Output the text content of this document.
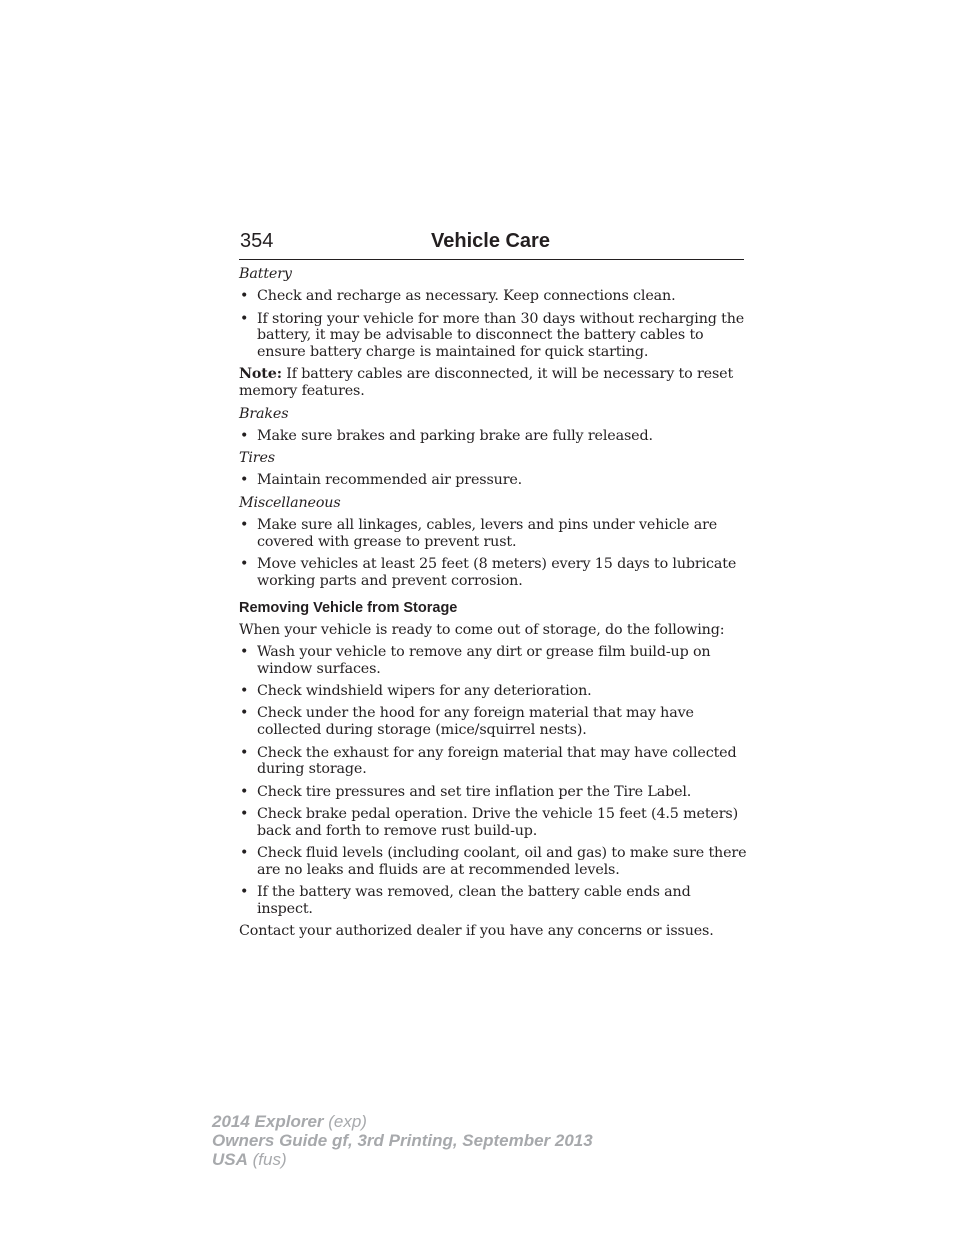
354	Vehicle Care

Battery

• Check and recharge as necessary. Keep connections clean.
• If storing your vehicle for more than 30 days without recharging the battery, it may be advisable to disconnect the battery cables to ensure battery charge is maintained for quick starting.

Note: If battery cables are disconnected, it will be necessary to reset memory features.

Brakes

• Make sure brakes and parking brake are fully released.

Tires

• Maintain recommended air pressure.

Miscellaneous

• Make sure all linkages, cables, levers and pins under vehicle are covered with grease to prevent rust.
• Move vehicles at least 25 feet (8 meters) every 15 days to lubricate working parts and prevent corrosion.
Removing Vehicle from Storage

When your vehicle is ready to come out of storage, do the following:

• Wash your vehicle to remove any dirt or grease film build-up on window surfaces.
• Check windshield wipers for any deterioration.
• Check under the hood for any foreign material that may have collected during storage (mice/squirrel nests).
• Check the exhaust for any foreign material that may have collected during storage.
• Check tire pressures and set tire inflation per the Tire Label.
• Check brake pedal operation. Drive the vehicle 15 feet (4.5 meters) back and forth to remove rust build-up.
• Check fluid levels (including coolant, oil and gas) to make sure there are no leaks and fluids are at recommended levels.
• If the battery was removed, clean the battery cable ends and inspect.

Contact your authorized dealer if you have any concerns or issues.

2014 Explorer (exp)
Owners Guide gf, 3rd Printing, September 2013
USA (fus)
